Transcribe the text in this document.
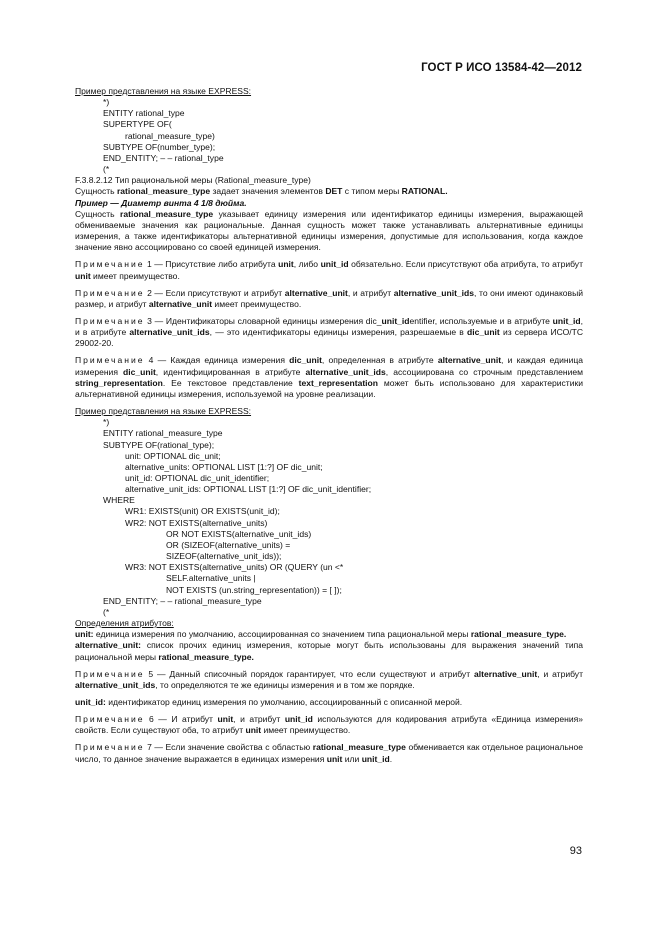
ГОСТ Р ИСО 13584-42—2012

Пример представления на языке EXPRESS:

*)
ENTITY rational_type
SUPERTYPE OF(
rational_measure_type)
SUBTYPE OF(number_type);
END_ENTITY; – – rational_type
(*

F.3.8.2.12 Тип рациональной меры (Rational_measure_type)

Сущность rational_measure_type задает значения элементов DET с типом меры RATIONAL.

Пример — Диаметр винта 4 1/8 дюйма.

Сущность rational_measure_type указывает единицу измерения или идентификатор единицы измерения, выражающей обмениваемые значения как рациональные. Данная сущность может также устанавливать альтернативные единицы измерения, а также идентификаторы альтернативной единицы измерения, допустимые для использования, когда каждое значение явно ассоциировано со своей единицей измерения.

Примечание 1 — Присутствие либо атрибута unit, либо unit_id обязательно. Если присутствуют оба атрибута, то атрибут unit имеет преимущество.

Примечание 2 — Если присутствуют и атрибут alternative_unit, и атрибут alternative_unit_ids, то они имеют одинаковый размер, и атрибут alternative_unit имеет преимущество.

Примечание 3 — Идентификаторы словарной единицы измерения dic_unit_identifier, используемые и в атрибуте unit_id, и в атрибуте alternative_unit_ids, — это идентификаторы единицы измерения, разрешаемые в dic_unit из сервера ИСО/ТС 29002-20.

Примечание 4 — Каждая единица измерения dic_unit, определенная в атрибуте alternative_unit, и каждая единица измерения dic_unit, идентифицированная в атрибуте alternative_unit_ids, ассоциирована со строчным представлением string_representation. Ее текстовое представление text_representation может быть использовано для характеристики альтернативной единицы измерения, используемой на уровне реализации.

Пример представления на языке EXPRESS:

*)
ENTITY rational_measure_type
SUBTYPE OF(rational_type);
unit: OPTIONAL dic_unit;
alternative_units: OPTIONAL LIST [1:?] OF dic_unit;
unit_id: OPTIONAL dic_unit_identifier;
alternative_unit_ids: OPTIONAL LIST [1:?] OF dic_unit_identifier;
WHERE
WR1: EXISTS(unit) OR EXISTS(unit_id);
WR2: NOT EXISTS(alternative_units)
OR NOT EXISTS(alternative_unit_ids)
OR (SIZEOF(alternative_units) =
SIZEOF(alternative_unit_ids));
WR3: NOT EXISTS(alternative_units) OR (QUERY (un <*
SELF.alternative_units |
NOT EXISTS (un.string_representation)) = [ ]);
END_ENTITY; – – rational_measure_type
(*

Определения атрибутов:

unit: единица измерения по умолчанию, ассоциированная со значением типа рациональной меры rational_measure_type.

alternative_unit: список прочих единиц измерения, которые могут быть использованы для выражения значений типа рациональной меры rational_measure_type.

Примечание 5 — Данный списочный порядок гарантирует, что если существуют и атрибут alternative_unit, и атрибут alternative_unit_ids, то определяются те же единицы измерения и в том же порядке.

unit_id: идентификатор единиц измерения по умолчанию, ассоциированный с описанной мерой.

Примечание 6 — И атрибут unit, и атрибут unit_id используются для кодирования атрибута «Единица измерения» свойств. Если существуют оба, то атрибут unit имеет преимущество.

Примечание 7 — Если значение свойства с областью rational_measure_type обменивается как отдельное рациональное число, то данное значение выражается в единицах измерения unit или unit_id.

93
